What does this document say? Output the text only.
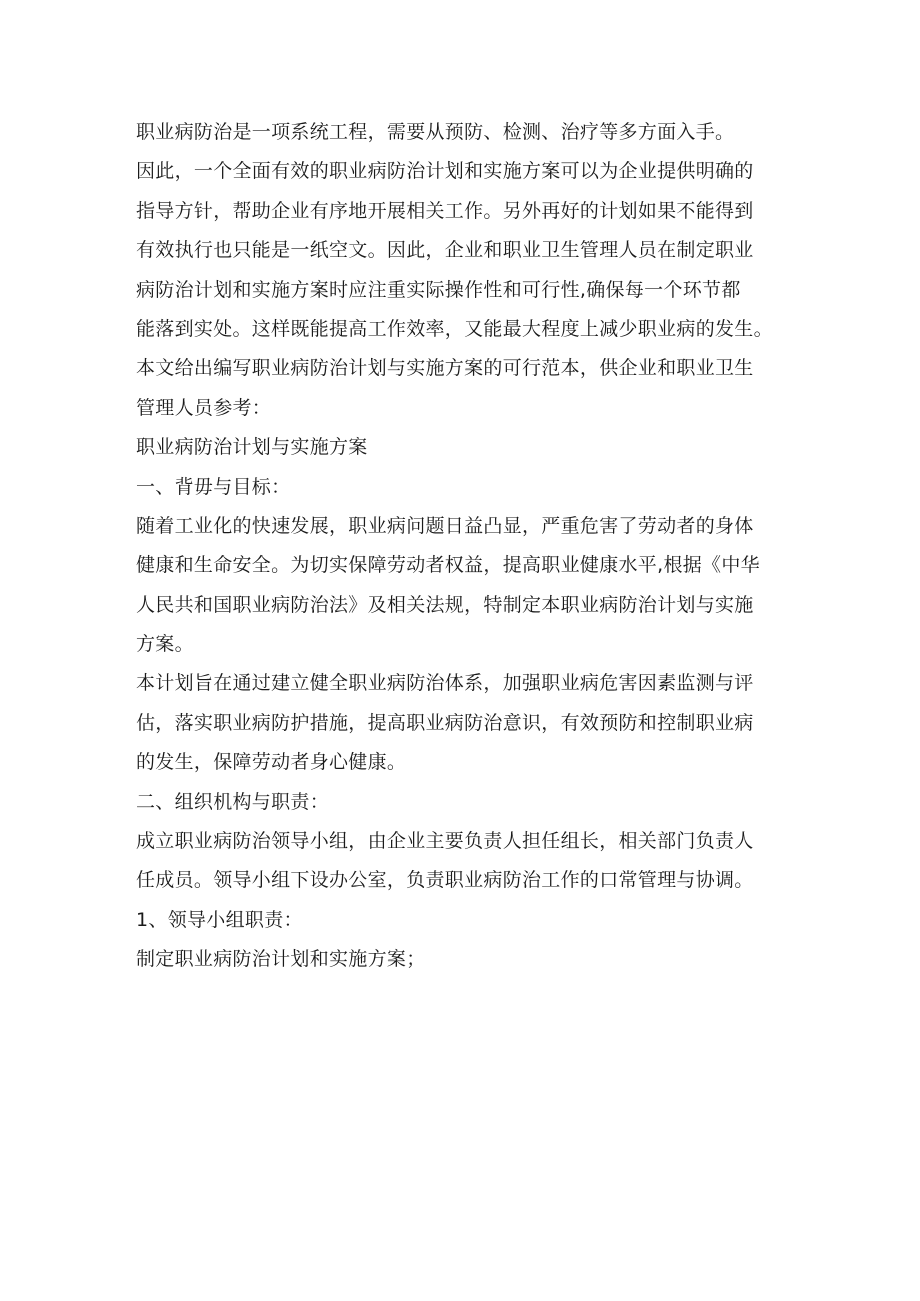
职业病防治是一项系统工程，需要从预防、检测、治疗等多方面入手。
因此，一个全面有效的职业病防治计划和实施方案可以为企业提供明确的
指导方针，帮助企业有序地开展相关工作。另外再好的计划如果不能得到
有效执行也只能是一纸空文。因此，企业和职业卫生管理人员在制定职业
病防治计划和实施方案时应注重实际操作性和可行性,确保每一个环节都
能落到实处。这样既能提高工作效率，又能最大程度上减少职业病的发生。
本文给出编写职业病防治计划与实施方案的可行范本，供企业和职业卫生
管理人员参考：
职业病防治计划与实施方案
一、背毋与目标：
随着工业化的快速发展，职业病问题日益凸显，严重危害了劳动者的身体
健康和生命安全。为切实保障劳动者权益，提高职业健康水平,根据《中华
人民共和国职业病防治法》及相关法规，特制定本职业病防治计划与实施
方案。
本计划旨在通过建立健全职业病防治体系，加强职业病危害因素监测与评
估，落实职业病防护措施，提高职业病防治意识，有效预防和控制职业病
的发生，保障劳动者身心健康。
二、组织机构与职责：
成立职业病防治领导小组，由企业主要负责人担任组长，相关部门负责人
任成员。领导小组下设办公室，负责职业病防治工作的口常管理与协调。
1、领导小组职责：
制定职业病防治计划和实施方案；
